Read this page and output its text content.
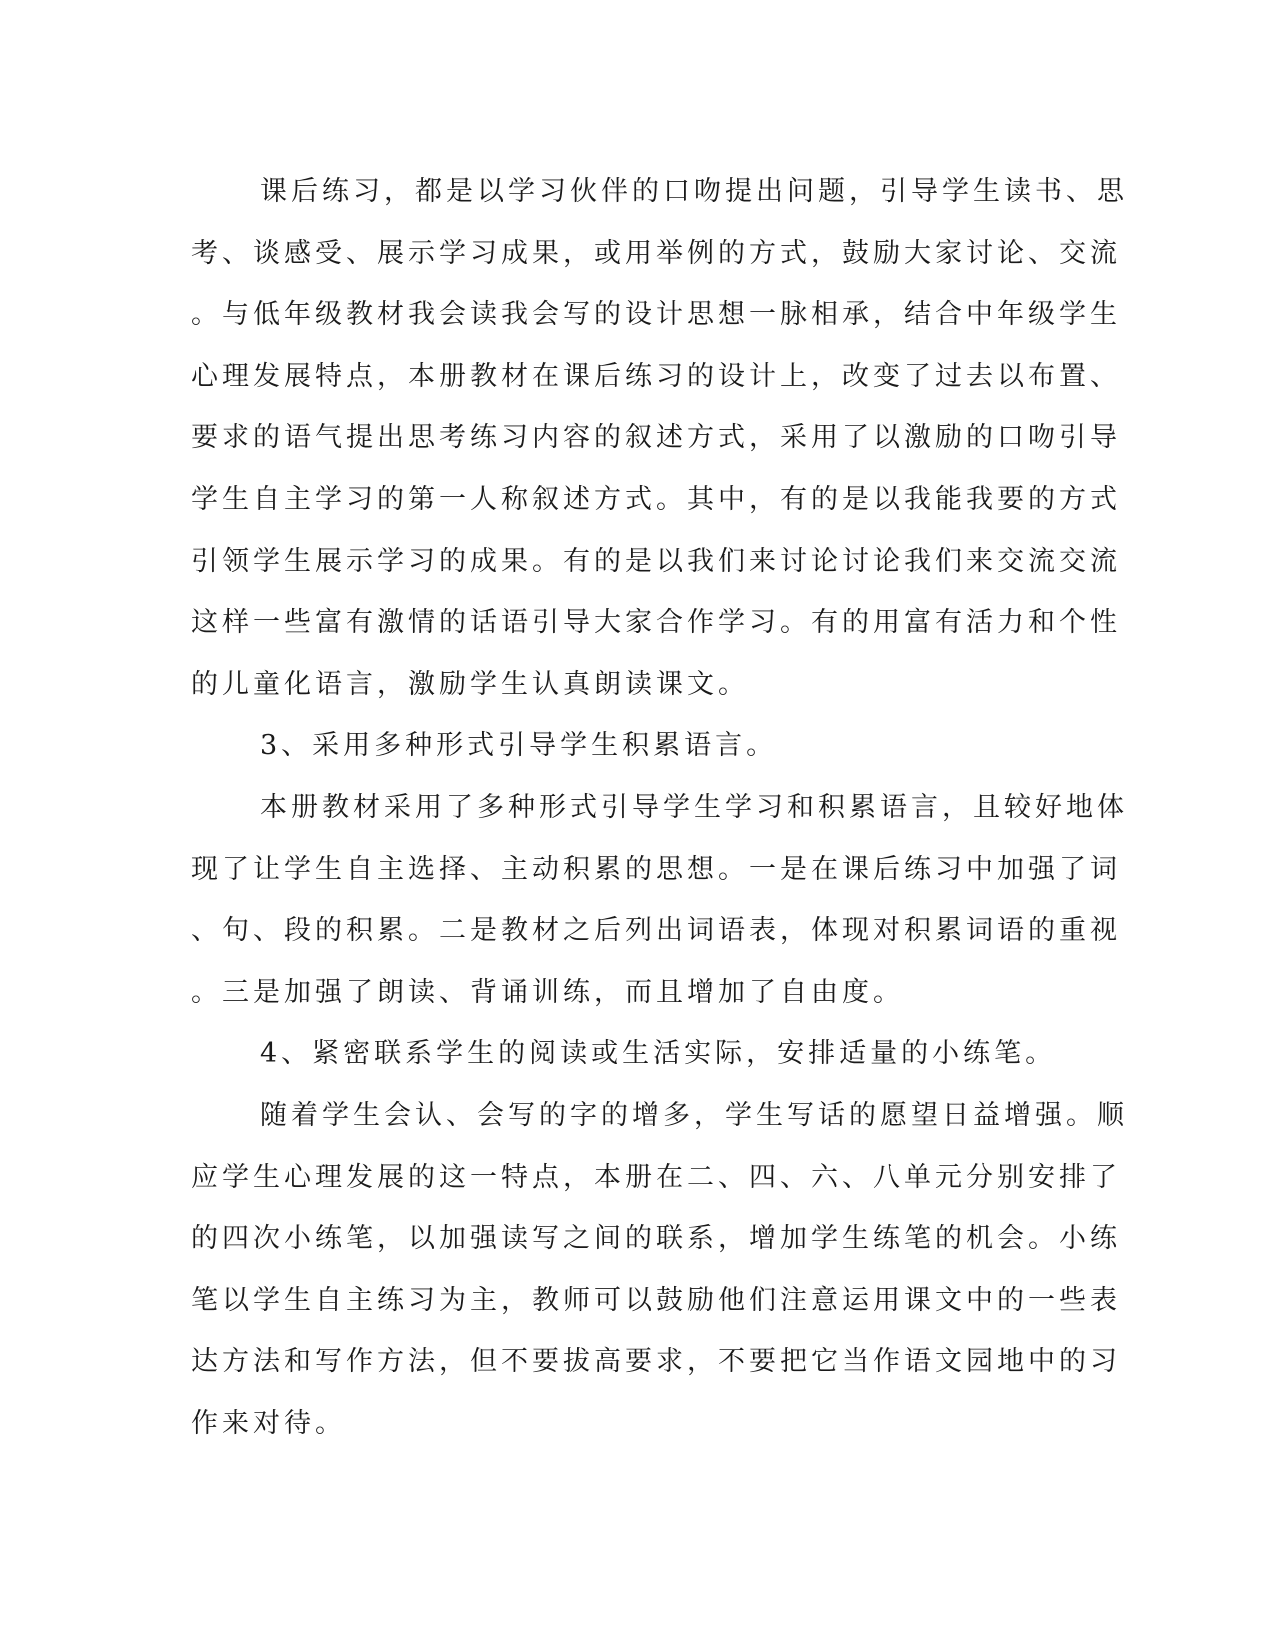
课后练习，都是以学习伙伴的口吻提出问题，引导学生读书、思

考、谈感受、展示学习成果，或用举例的方式，鼓励大家讨论、交流

。与低年级教材我会读我会写的设计思想一脉相承，结合中年级学生

心理发展特点，本册教材在课后练习的设计上，改变了过去以布置、

要求的语气提出思考练习内容的叙述方式，采用了以激励的口吻引导

学生自主学习的第一人称叙述方式。其中，有的是以我能我要的方式

引领学生展示学习的成果。有的是以我们来讨论讨论我们来交流交流

这样一些富有激情的话语引导大家合作学习。有的用富有活力和个性

的儿童化语言，激励学生认真朗读课文。

3、采用多种形式引导学生积累语言。

本册教材采用了多种形式引导学生学习和积累语言，且较好地体

现了让学生自主选择、主动积累的思想。一是在课后练习中加强了词

、句、段的积累。二是教材之后列出词语表，体现对积累词语的重视

。三是加强了朗读、背诵训练，而且增加了自由度。

4、紧密联系学生的阅读或生活实际，安排适量的小练笔。

随着学生会认、会写的字的增多，学生写话的愿望日益增强。顺

应学生心理发展的这一特点，本册在二、四、六、八单元分别安排了

的四次小练笔，以加强读写之间的联系，增加学生练笔的机会。小练

笔以学生自主练习为主，教师可以鼓励他们注意运用课文中的一些表

达方法和写作方法，但不要拔高要求，不要把它当作语文园地中的习

作来对待。
